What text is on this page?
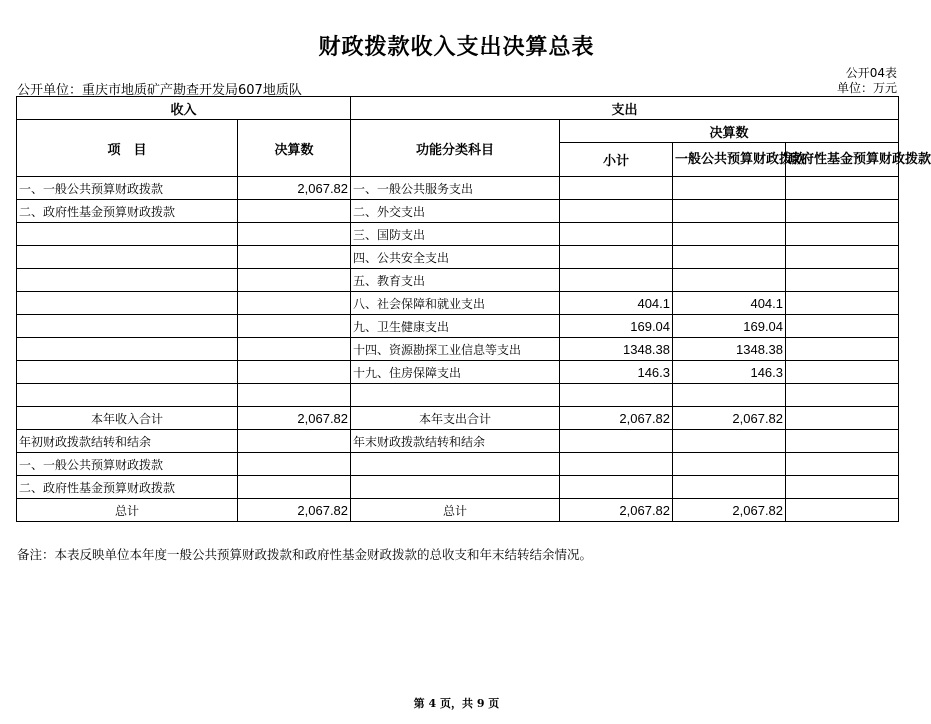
财政拨款收入支出决算总表
公开04表
单位：万元
公开单位：重庆市地质矿产勘查开发局607地质队
收入		支出			
项　目	决算数	功能分类科目	决算数		
			小计	一般公共预算财政拨款	政府性基金预算财政拨款
一、一般公共预算财政拨款	2,067.82	一、一般公共服务支出			
二、政府性基金预算财政拨款		二、外交支出			
		三、国防支出			
		四、公共安全支出			
		五、教育支出			
		八、社会保障和就业支出	404.1	404.1	
		九、卫生健康支出	169.04	169.04	
		十四、资源勘探工业信息等支出	1348.38	1348.38	
		十九、住房保障支出	146.3	146.3	

本年收入合计	2,067.82	本年支出合计	2,067.82	2,067.82	
年初财政拨款结转和结余		年末财政拨款结转和结余			
一、一般公共预算财政拨款					
二、政府性基金预算财政拨款					
总计	2,067.82	总计	2,067.82	2,067.82	
备注：本表反映单位本年度一般公共预算财政拨款和政府性基金财政拨款的总收支和年末结转结余情况。
第 4 页，共 9 页
